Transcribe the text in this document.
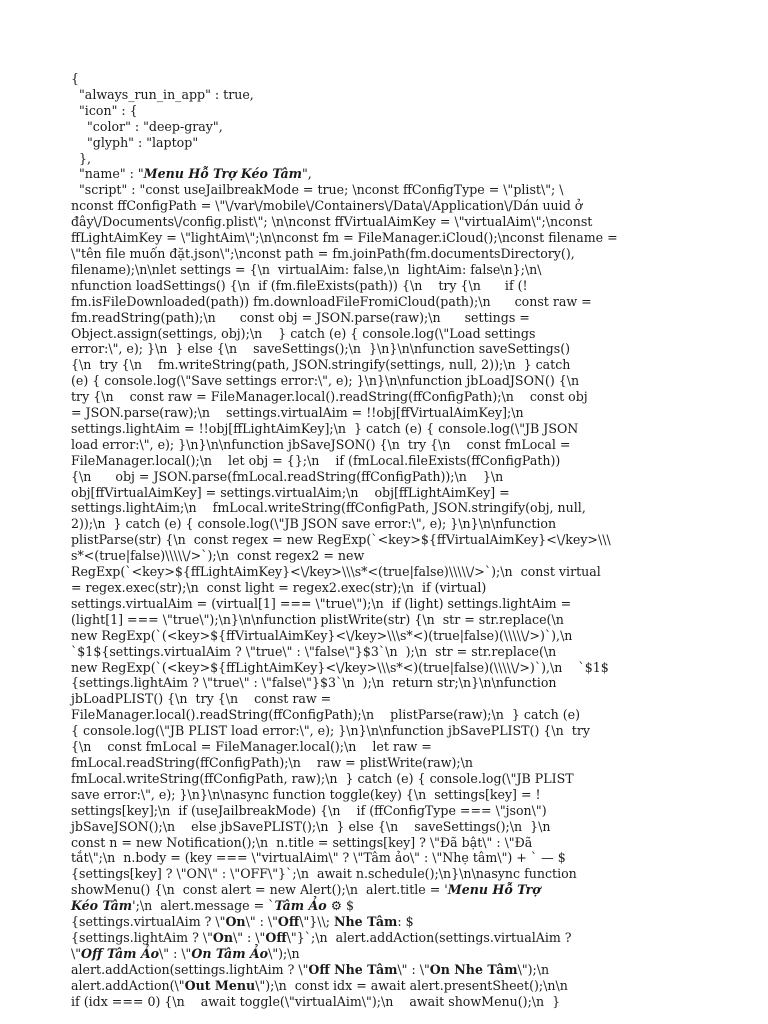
{
"always_run_in_app" : true,
"icon" : {
"color" : "deep-gray",
"glyph" : "laptop"
},
"name" : "Menu Hỗ Trợ Kéo Tâm",
"script" : "const useJailbreakMode = true; \nconst ffConfigType = \"plist\"; \
nconst ffConfigPath = \"\/var\/mobile\/Containers\/Data\/Application\/Dán uuid ở
đây\/Documents\/config.plist\"; \n\nconst ffVirtualAimKey = \"virtualAim\";\nconst
ffLightAimKey = \"lightAim\";\n\nconst fm = FileManager.iCloud();\nconst filename =
\"tên file muốn đặt.json\";\nconst path = fm.joinPath(fm.documentsDirectory(),
filename);\n\nlet settings = {\n  virtualAim: false,\n  lightAim: false\n};\n\
nfunction loadSettings() {\n  if (fm.fileExists(path)) {\n    try {\n      if (!
fm.isFileDownloaded(path)) fm.downloadFileFromiCloud(path);\n      const raw =
fm.readString(path);\n      const obj = JSON.parse(raw);\n      settings =
Object.assign(settings, obj);\n    } catch (e) { console.log(\"Load settings
error:\", e); }\n  } else {\n    saveSettings();\n  }\n}\n\nfunction saveSettings()
{\n  try {\n    fm.writeString(path, JSON.stringify(settings, null, 2));\n  } catch
(e) { console.log(\"Save settings error:\", e); }\n}\n\nfunction jbLoadJSON() {\n
try {\n    const raw = FileManager.local().readString(ffConfigPath);\n    const obj
= JSON.parse(raw);\n    settings.virtualAim = !!obj[ffVirtualAimKey];\n
settings.lightAim = !!obj[ffLightAimKey];\n  } catch (e) { console.log(\"JB JSON
load error:\", e); }\n}\n\nfunction jbSaveJSON() {\n  try {\n    const fmLocal =
FileManager.local();\n    let obj = {};\n    if (fmLocal.fileExists(ffConfigPath))
{\n      obj = JSON.parse(fmLocal.readString(ffConfigPath));\n    }\n
obj[ffVirtualAimKey] = settings.virtualAim;\n    obj[ffLightAimKey] =
settings.lightAim;\n    fmLocal.writeString(ffConfigPath, JSON.stringify(obj, null,
2));\n  } catch (e) { console.log(\"JB JSON save error:\", e); }\n}\n\nfunction
plistParse(str) {\n  const regex = new RegExp(`<key>${ffVirtualAimKey}<\/key>\\\
s*<(true|false)\\\\\/>`);\n  const regex2 = new
RegExp(`<key>${ffLightAimKey}<\/key>\\\s*<(true|false)\\\\\/>`);\n  const virtual
= regex.exec(str);\n  const light = regex2.exec(str);\n  if (virtual)
settings.virtualAim = (virtual[1] === \"true\");\n  if (light) settings.lightAim =
(light[1] === \"true\");\n}\n\nfunction plistWrite(str) {\n  str = str.replace(\n
new RegExp(`(<key>${ffVirtualAimKey}<\/key>\\\s*<)(true|false)(\\\\\/>)`),\n
`$1${settings.virtualAim ? \"true\" : \"false\"}$3`\n  );\n  str = str.replace(\n
new RegExp(`(<key>${ffLightAimKey}<\/key>\\\s*<)(true|false)(\\\\\/>)`),\n    `$1$
{settings.lightAim ? \"true\" : \"false\"}$3`\n  );\n  return str;\n}\n\nfunction
jbLoadPLIST() {\n  try {\n    const raw =
FileManager.local().readString(ffConfigPath);\n    plistParse(raw);\n  } catch (e)
{ console.log(\"JB PLIST load error:\", e); }\n}\n\nfunction jbSavePLIST() {\n  try
{\n    const fmLocal = FileManager.local();\n    let raw =
fmLocal.readString(ffConfigPath);\n    raw = plistWrite(raw);\n
fmLocal.writeString(ffConfigPath, raw);\n  } catch (e) { console.log(\"JB PLIST
save error:\", e); }\n}\n\nasync function toggle(key) {\n  settings[key] = !
settings[key];\n  if (useJailbreakMode) {\n    if (ffConfigType === \"json\")
jbSaveJSON();\n    else jbSavePLIST();\n  } else {\n    saveSettings();\n  }\n
const n = new Notification();\n  n.title = settings[key] ? \"Đã bật\" : \"Đã
tắt\";\n  n.body = (key === \"virtualAim\" ? \"Tâm ảo\" : \"Nhẹ tâm\") + ` — $
{settings[key] ? \"ON\" : \"OFF\"}`;\n  await n.schedule();\n}\n\nasync function
showMenu() {\n  const alert = new Alert();\n  alert.title = 'Menu Hỗ Trợ
Kéo Tâm';\n  alert.message = `Tâm Ảo ⚙ $
{settings.virtualAim ? \"On\" : \"Off\"}\\; Nhe Tâm: $
{settings.lightAim ? \"On\" : \"Off\"}`;\n  alert.addAction(settings.virtualAim ?
\"Off Tâm Ảo\" : \"On Tâm Ảo\");\n
alert.addAction(settings.lightAim ? \"Off Nhe Tâm\" : \"On Nhe Tâm\");\n
alert.addAction(\"Out Menu\");\n  const idx = await alert.presentSheet();\n\n
if (idx === 0) {\n    await toggle(\"virtualAim\");\n    await showMenu();\n  }
